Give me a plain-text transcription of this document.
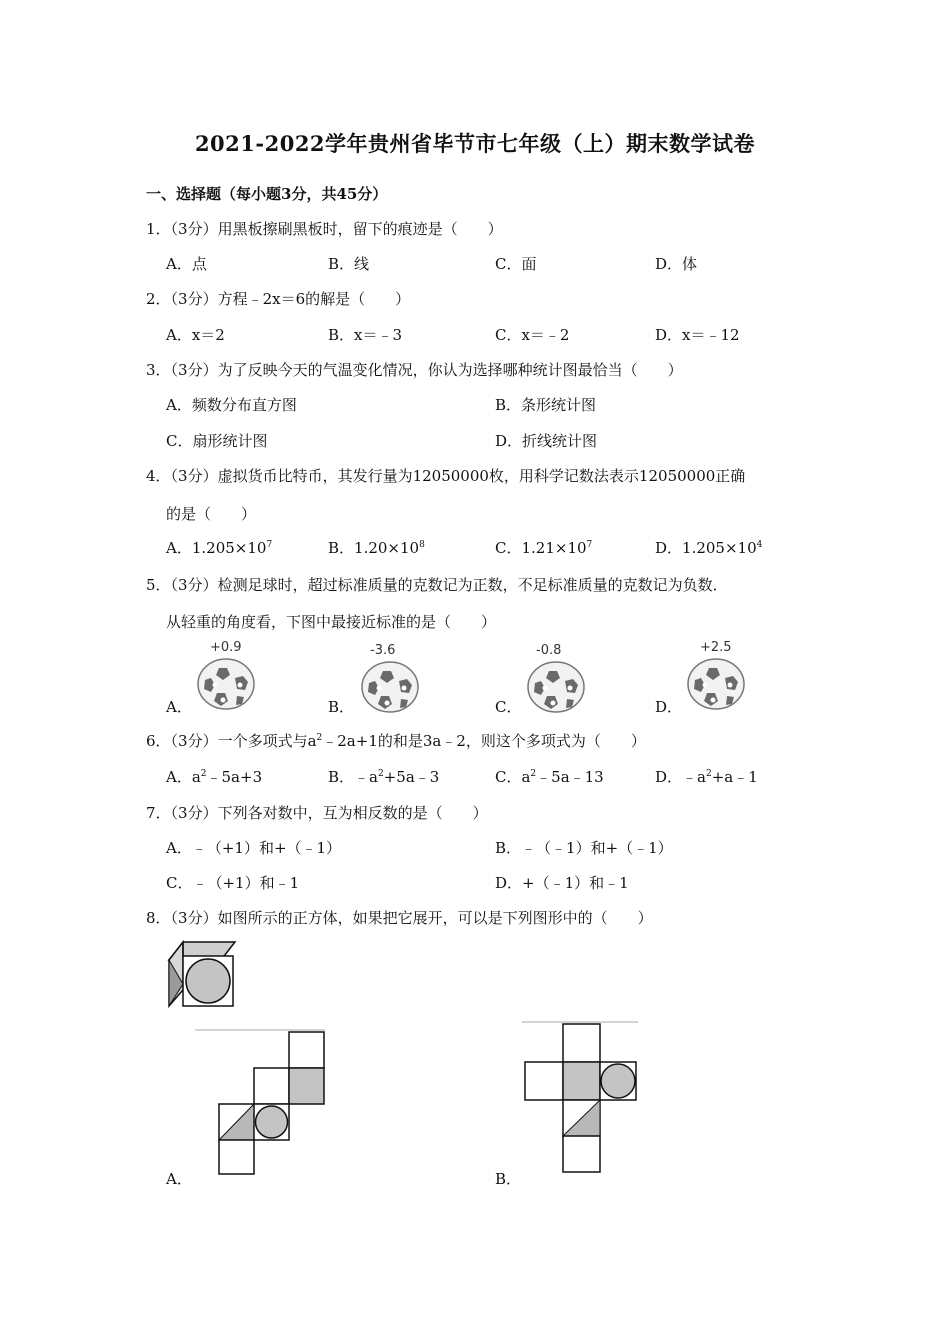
2021-2022学年贵州省毕节市七年级（上）期末数学试卷
一、选择题（每小题3分，共45分）
1．（3分）用黑板擦刷黑板时，留下的痕迹是（　　）
A．点	B．线	C．面	D．体
2．（3分）方程﹣2x＝6的解是（　　）
A．x＝2	B．x＝﹣3	C．x＝﹣2	D．x＝﹣12
3．（3分）为了反映今天的气温变化情况，你认为选择哪种统计图最恰当（　　）
A．频数分布直方图	B．条形统计图
C．扇形统计图	D．折线统计图
4．（3分）虚拟货币比特币，其发行量为12050000枚，用科学记数法表示12050000正确
的是（　　）
A．$1.205\times 10^7$	B．$1.20\times 10^8$	C．$1.21\times 10^7$	D．$1.205\times 10^4$
5．（3分）检测足球时，超过标准质量的克数记为正数，不足标准质量的克数记为负数．
从轻重的角度看，下图中最接近标准的是（　　）
+0.9	-3.6	-0.8	+2.5
A．	B．	C．	D．
6．（3分）一个多项式与$a^2﹣2a+1$的和是3a﹣2，则这个多项式为（　　）
A．$a^2﹣5a+3$	B．$﹣a^2+5a﹣3$	C．$a^2﹣5a﹣13$	D．$﹣a^2+a﹣1$
7．（3分）下列各对数中，互为相反数的是（　　）
A．﹣（+1）和+（﹣1）	B．﹣（﹣1）和+（﹣1）
C．﹣（+1）和﹣1	D．+（﹣1）和﹣1
8．（3分）如图所示的正方体，如果把它展开，可以是下列图形中的（　　）
A．	B．
